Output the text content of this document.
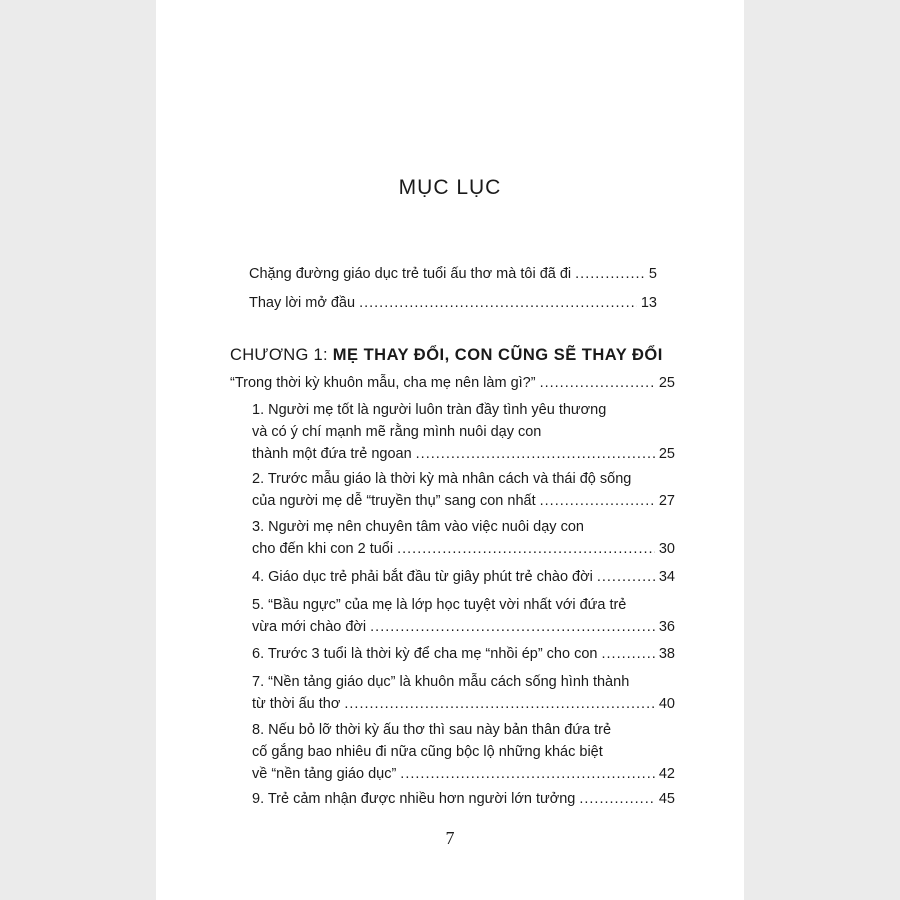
MỤC LỤC
Chặng đường giáo dục trẻ tuổi ấu thơ mà tôi đã đi .....	5
Thay lời mở đầu .....	13
CHƯƠNG 1: MẸ THAY ĐỔI, CON CŨNG SẼ THAY ĐỔI
“Trong thời kỳ khuôn mẫu, cha mẹ nên làm gì?” .....	25
1. Người mẹ tốt là người luôn tràn đầy tình yêu thương
và có ý chí mạnh mẽ rằng mình nuôi dạy con
thành một đứa trẻ ngoan .....	25
2. Trước mẫu giáo là thời kỳ mà nhân cách và thái độ sống
của người mẹ dễ “truyền thụ” sang con nhất .....	27
3. Người mẹ nên chuyên tâm vào việc nuôi dạy con
cho đến khi con 2 tuổi .....	30
4. Giáo dục trẻ phải bắt đầu từ giây phút trẻ chào đời .....	34
5. “Bầu ngực” của mẹ là lớp học tuyệt vời nhất với đứa trẻ
vừa mới chào đời .....	36
6. Trước 3 tuổi là thời kỳ để cha mẹ “nhồi ép” cho con .....	38
7. “Nền tảng giáo dục” là khuôn mẫu cách sống hình thành
từ thời ấu thơ .....	40
8. Nếu bỏ lỡ thời kỳ ấu thơ thì sau này bản thân đứa trẻ
cố gắng bao nhiêu đi nữa cũng bộc lộ những khác biệt
về “nền tảng giáo dục” .....	42
9. Trẻ cảm nhận được nhiều hơn người lớn tưởng .....	45
7
